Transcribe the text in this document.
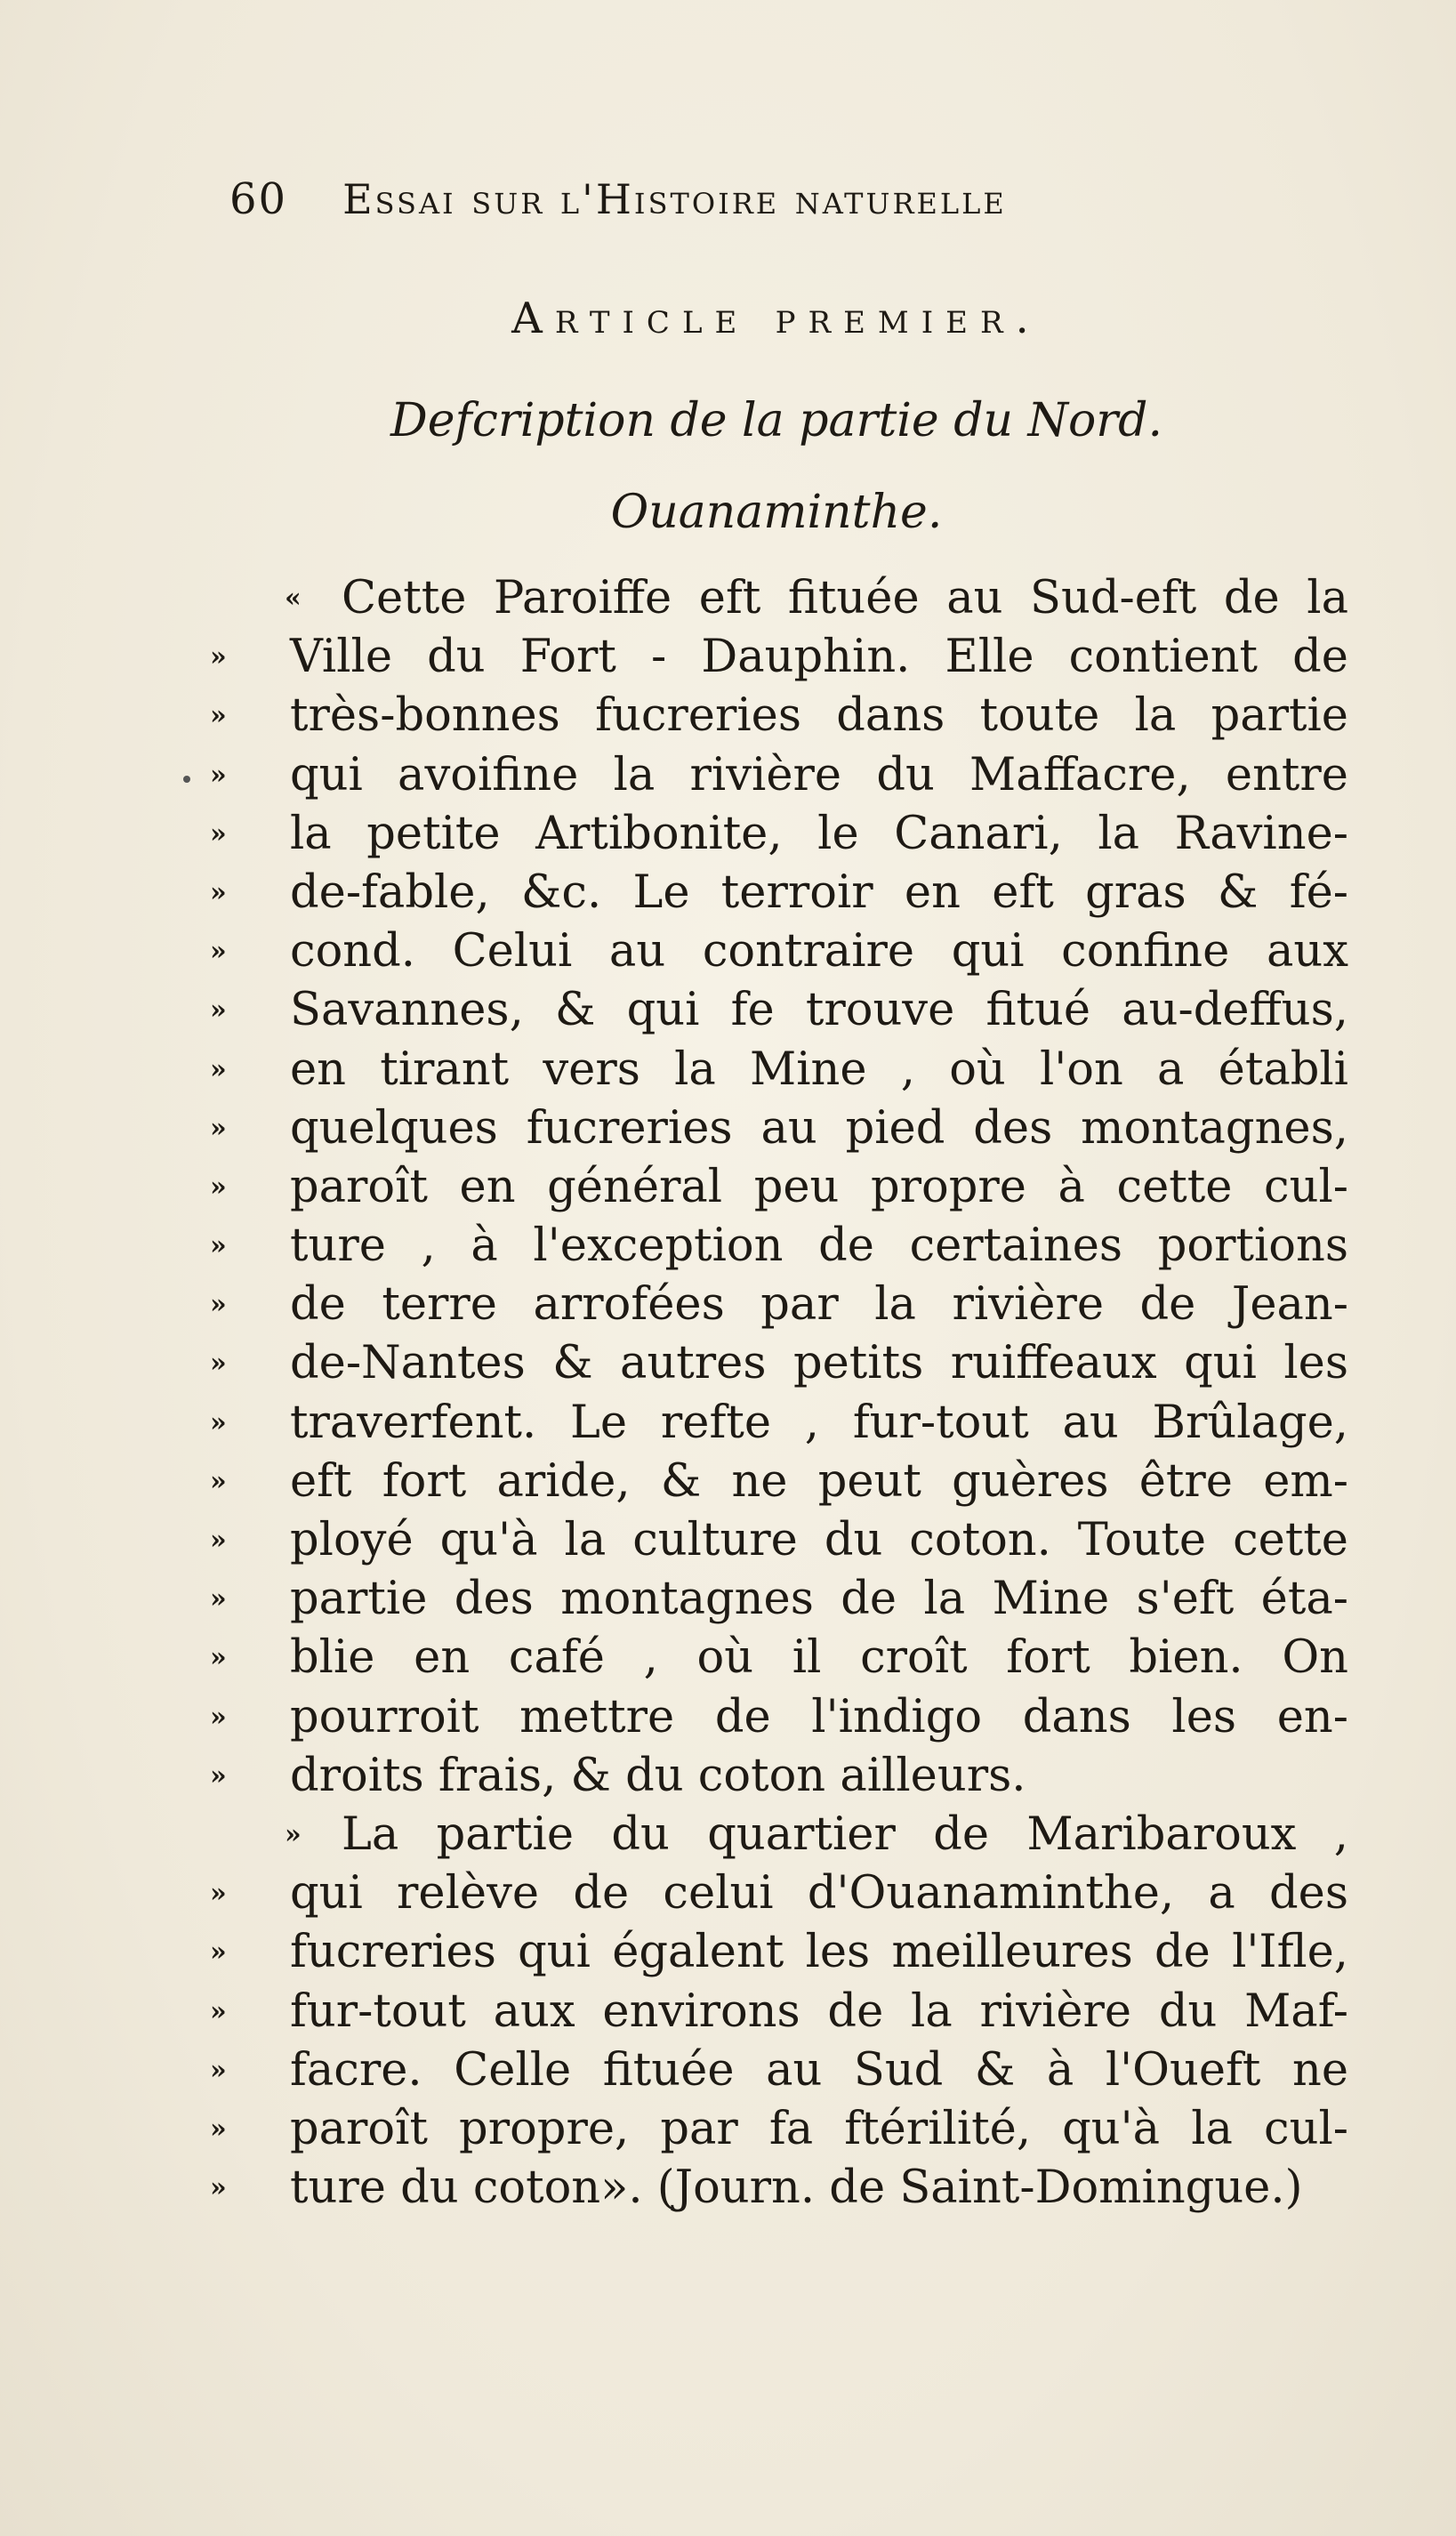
60 Essai sur l'Histoire naturelle
Article premier.
Defcription de la partie du Nord.
Ouanaminthe.
« Cette Paroiffe eft fituée au Sud-eft de la
»	Ville du Fort - Dauphin. Elle contient de
»	très-bonnes fucreries dans toute la partie
»	qui avoifine la rivière du Maffacre, entre
»	la petite Artibonite, le Canari, la Ravine-
»	de-fable, &c. Le terroir en eft gras & fé-
»	cond. Celui au contraire qui confine aux
»	Savannes, & qui fe trouve fitué au-deffus,
»	en tirant vers la Mine , où l'on a établi
»	quelques fucreries au pied des montagnes,
»	paroît en général peu propre à cette cul-
»	ture , à l'exception de certaines portions
»	de terre arrofées par la rivière de Jean-
»	de-Nantes & autres petits ruiffeaux qui les
»	traverfent. Le refte , fur-tout au Brûlage,
»	eft fort aride, & ne peut guères être em-
»	ployé qu'à la culture du coton. Toute cette
»	partie des montagnes de la Mine s'eft éta-
»	blie en café , où il croît fort bien. On
»	pourroit mettre de l'indigo dans les en-
»	droits frais, & du coton ailleurs.
» La partie du quartier de Maribaroux ,
»	qui relève de celui d'Ouanaminthe, a des
»	fucreries qui égalent les meilleures de l'Ifle,
»	fur-tout aux environs de la rivière du Maf-
»	facre. Celle fituée au Sud & à l'Oueft ne
»	paroît propre, par fa ftérilité, qu'à la cul-
»	ture du coton». (Journ. de Saint-Domingue.)
